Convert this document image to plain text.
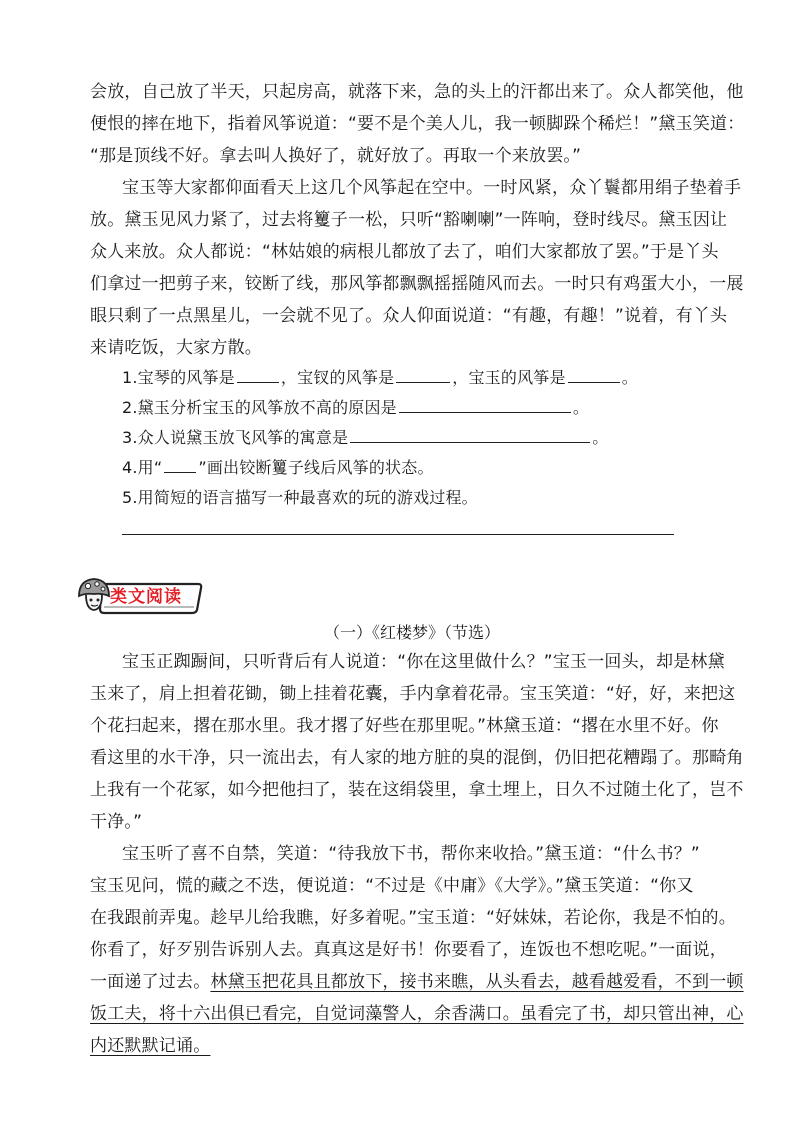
会放，自己放了半天，只起房高，就落下来，急的头上的汗都出来了。众人都笑他，他
便恨的摔在地下，指着风筝说道：“要不是个美人儿，我一顿脚跺个稀烂！”黛玉笑道：
“那是顶线不好。拿去叫人换好了，就好放了。再取一个来放罢。”
宝玉等大家都仰面看天上这几个风筝起在空中。一时风紧，众丫鬟都用绢子垫着手
放。黛玉见风力紧了，过去将籰子一松，只听“豁喇喇”一阵响，登时线尽。黛玉因让
众人来放。众人都说：“林姑娘的病根儿都放了去了，咱们大家都放了罢。”于是丫头
们拿过一把剪子来，铰断了线，那风筝都飘飘摇摇随风而去。一时只有鸡蛋大小，一展
眼只剩了一点黑星儿，一会就不见了。众人仰面说道：“有趣，有趣！”说着，有丫头
来请吃饭，大家方散。
1.宝琴的风筝是	，宝钗的风筝是	，宝玉的风筝是	。
2.黛玉分析宝玉的风筝放不高的原因是	。
3.众人说黛玉放飞风筝的寓意是	。
4.用“ ”画出铰断籰子线后风筝的状态。
5.用简短的语言描写一种最喜欢的玩的游戏过程。
类文阅读
（一）《红楼梦》（节选）
宝玉正踟蹰间，只听背后有人说道：“你在这里做什么？”宝玉一回头，却是林黛
玉来了，肩上担着花锄，锄上挂着花囊，手内拿着花帚。宝玉笑道：“好，好，来把这
个花扫起来，撂在那水里。我才撂了好些在那里呢。”林黛玉道：“撂在水里不好。你
看这里的水干净，只一流出去，有人家的地方脏的臭的混倒，仍旧把花糟蹋了。那畸角
上我有一个花冢，如今把他扫了，装在这绢袋里，拿土埋上，日久不过随土化了，岂不
干净。”
宝玉听了喜不自禁，笑道：“待我放下书，帮你来收拾。”黛玉道：“什么书？”
宝玉见问，慌的藏之不迭，便说道：“不过是《中庸》《大学》。”黛玉笑道：“你又
在我跟前弄鬼。趁早儿给我瞧，好多着呢。”宝玉道：“好妹妹，若论你，我是不怕的。
你看了，好歹别告诉别人去。真真这是好书！你要看了，连饭也不想吃呢。”一面说，
一面递了过去。林黛玉把花具且都放下，接书来瞧，从头看去，越看越爱看，不到一顿
饭工夫，将十六出俱已看完，自觉词藻警人，余香满口。虽看完了书，却只管出神，心
内还默默记诵。
